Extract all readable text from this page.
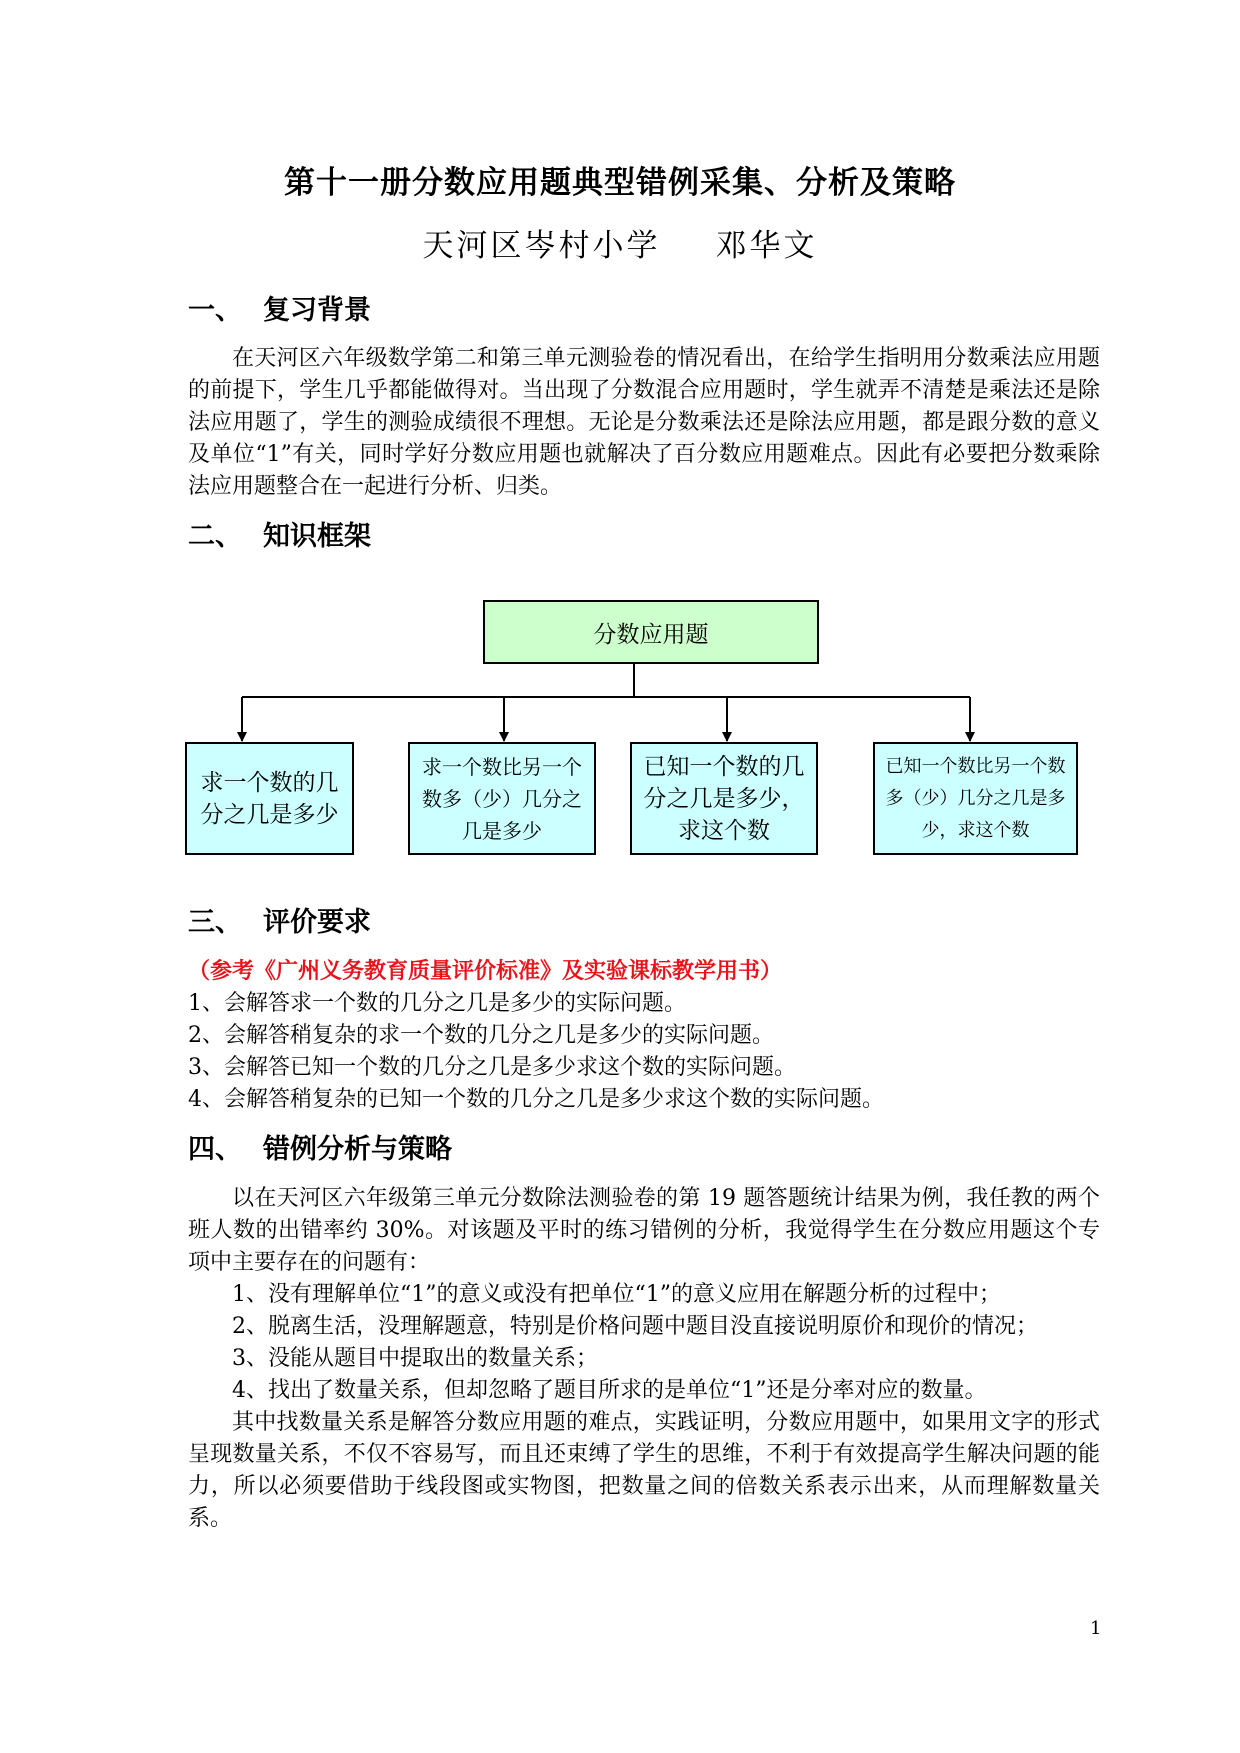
第十一册分数应用题典型错例采集、分析及策略
天河区岑村小学 邓华文
一、 复习背景

在天河区六年级数学第二和第三单元测验卷的情况看出，在给学生指明用分数乘法应用题的前提下，学生几乎都能做得对。当出现了分数混合应用题时，学生就弄不清楚是乘法还是除法应用题了，学生的测验成绩很不理想。无论是分数乘法还是除法应用题，都是跟分数的意义及单位“1”有关，同时学好分数应用题也就解决了百分数应用题难点。因此有必要把分数乘除法应用题整合在一起进行分析、归类。

二、 知识框架
分数应用题
求一个数的几分之几是多少
求一个数比另一个数多（少）几分之几是多少
已知一个数的几分之几是多少，求这个数
已知一个数比另一个数多（少）几分之几是多少，求这个数
三、 评价要求
（参考《广州义务教育质量评价标准》及实验课标教学用书）
1、会解答求一个数的几分之几是多少的实际问题。
2、会解答稍复杂的求一个数的几分之几是多少的实际问题。
3、会解答已知一个数的几分之几是多少求这个数的实际问题。
4、会解答稍复杂的已知一个数的几分之几是多少求这个数的实际问题。
四、 错例分析与策略

以在天河区六年级第三单元分数除法测验卷的第 19 题答题统计结果为例，我任教的两个班人数的出错率约 30%。对该题及平时的练习错例的分析，我觉得学生在分数应用题这个专项中主要存在的问题有：

1、没有理解单位“1”的意义或没有把单位“1”的意义应用在解题分析的过程中；

2、脱离生活，没理解题意，特别是价格问题中题目没直接说明原价和现价的情况；

3、没能从题目中提取出的数量关系；

4、找出了数量关系，但却忽略了题目所求的是单位“1”还是分率对应的数量。

其中找数量关系是解答分数应用题的难点，实践证明，分数应用题中，如果用文字的形式呈现数量关系，不仅不容易写，而且还束缚了学生的思维，不利于有效提高学生解决问题的能力，所以必须要借助于线段图或实物图，把数量之间的倍数关系表示出来，从而理解数量关系。

1
